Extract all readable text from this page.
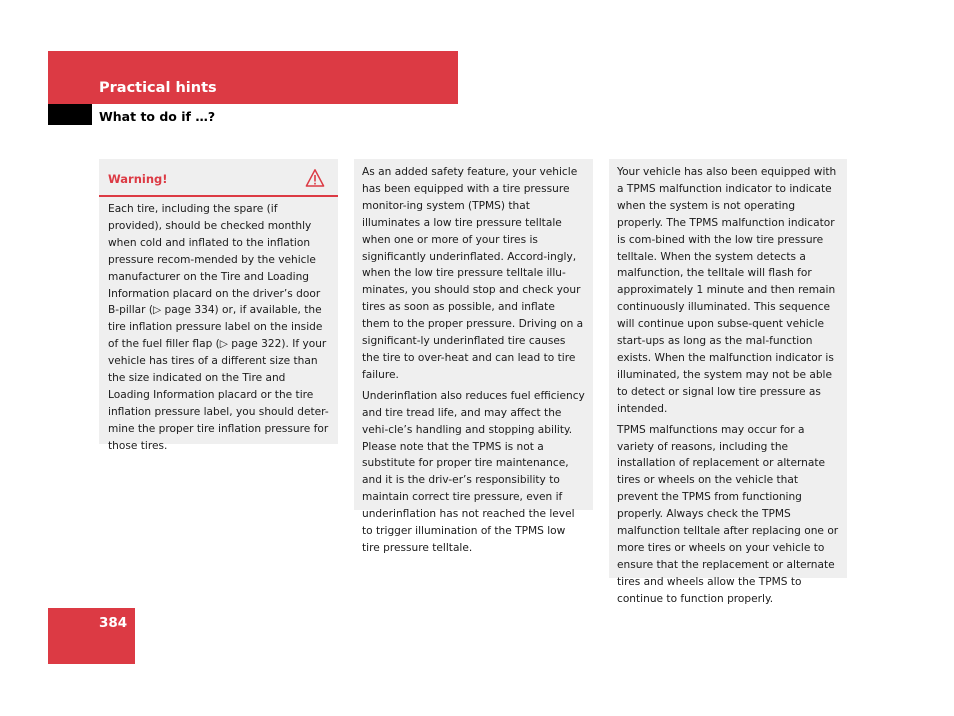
Practical hints
What to do if …?
Warning!

Each tire, including the spare (if provided), should be checked monthly when cold and inflated to the inflation pressure recom-mended by the vehicle manufacturer on the Tire and Loading Information placard on the driver’s door B-pillar (▷ page 334) or, if available, the tire inflation pressure label on the inside of the fuel filler flap (▷ page 322). If your vehicle has tires of a different size than the size indicated on the Tire and Loading Information placard or the tire inflation pressure label, you should deter-mine the proper tire inflation pressure for those tires.

As an added safety feature, your vehicle has been equipped with a tire pressure monitor-ing system (TPMS) that illuminates a low tire pressure telltale when one or more of your tires is significantly underinflated. Accord-ingly, when the low tire pressure telltale illu-minates, you should stop and check your tires as soon as possible, and inflate them to the proper pressure. Driving on a significant-ly underinflated tire causes the tire to over-heat and can lead to tire failure.

Underinflation also reduces fuel efficiency and tire tread life, and may affect the vehi-cle’s handling and stopping ability. Please note that the TPMS is not a substitute for proper tire maintenance, and it is the driv-er’s responsibility to maintain correct tire pressure, even if underinflation has not reached the level to trigger illumination of the TPMS low tire pressure telltale.

Your vehicle has also been equipped with a TPMS malfunction indicator to indicate when the system is not operating properly. The TPMS malfunction indicator is com-bined with the low tire pressure telltale. When the system detects a malfunction, the telltale will flash for approximately 1 minute and then remain continuously illuminated. This sequence will continue upon subse-quent vehicle start-ups as long as the mal-function exists. When the malfunction indicator is illuminated, the system may not be able to detect or signal low tire pressure as intended.

TPMS malfunctions may occur for a variety of reasons, including the installation of replacement or alternate tires or wheels on the vehicle that prevent the TPMS from functioning properly. Always check the TPMS malfunction telltale after replacing one or more tires or wheels on your vehicle to ensure that the replacement or alternate tires and wheels allow the TPMS to continue to function properly.

384
